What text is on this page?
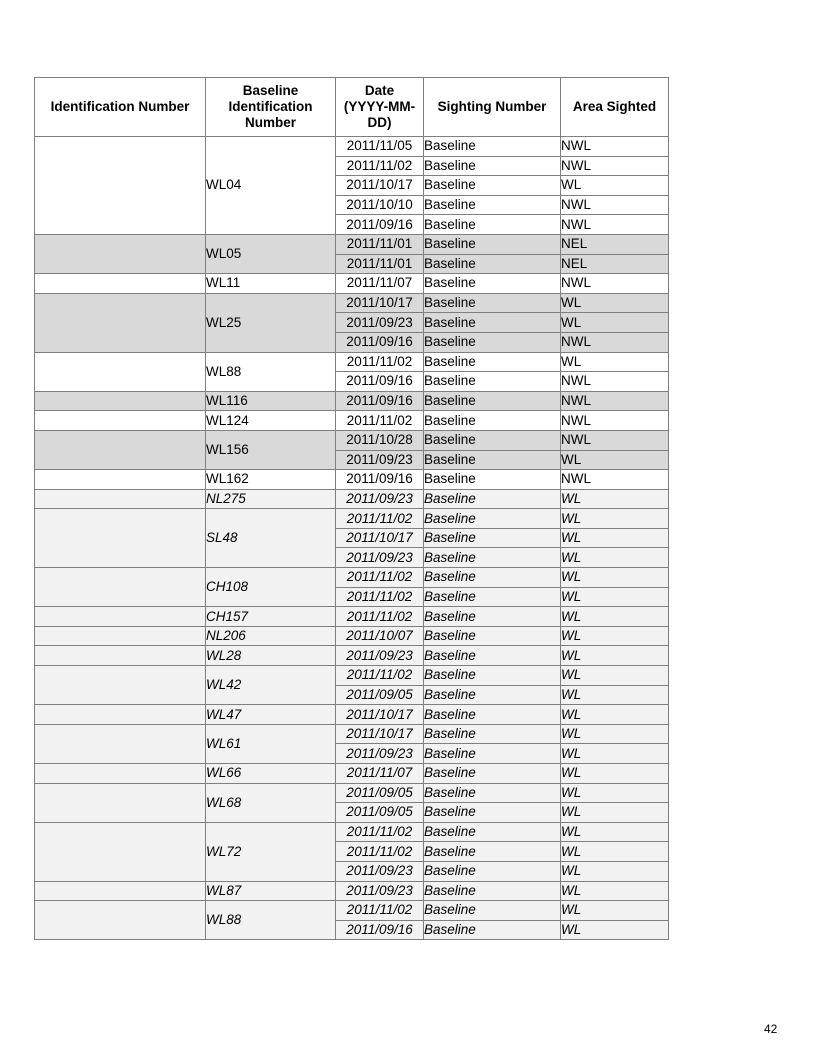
Identification Number	Baseline Identification Number	Date (YYYY-MM-DD)	Sighting Number	Area Sighted
	WL04	2011/11/05	Baseline	NWL
		2011/11/02	Baseline	NWL
		2011/10/17	Baseline	WL
		2011/10/10	Baseline	NWL
		2011/09/16	Baseline	NWL
	WL05	2011/11/01	Baseline	NEL
		2011/11/01	Baseline	NEL
	WL11	2011/11/07	Baseline	NWL
	WL25	2011/10/17	Baseline	WL
		2011/09/23	Baseline	WL
		2011/09/16	Baseline	NWL
	WL88	2011/11/02	Baseline	WL
		2011/09/16	Baseline	NWL
	WL116	2011/09/16	Baseline	NWL
	WL124	2011/11/02	Baseline	NWL
	WL156	2011/10/28	Baseline	NWL
		2011/09/23	Baseline	WL
	WL162	2011/09/16	Baseline	NWL
	NL275	2011/09/23	Baseline	WL
	SL48	2011/11/02	Baseline	WL
		2011/10/17	Baseline	WL
		2011/09/23	Baseline	WL
	CH108	2011/11/02	Baseline	WL
		2011/11/02	Baseline	WL
	CH157	2011/11/02	Baseline	WL
	NL206	2011/10/07	Baseline	WL
	WL28	2011/09/23	Baseline	WL
	WL42	2011/11/02	Baseline	WL
		2011/09/05	Baseline	WL
	WL47	2011/10/17	Baseline	WL
	WL61	2011/10/17	Baseline	WL
		2011/09/23	Baseline	WL
	WL66	2011/11/07	Baseline	WL
	WL68	2011/09/05	Baseline	WL
		2011/09/05	Baseline	WL
	WL72	2011/11/02	Baseline	WL
		2011/11/02	Baseline	WL
		2011/09/23	Baseline	WL
	WL87	2011/09/23	Baseline	WL
	WL88	2011/11/02	Baseline	WL
		2011/09/16	Baseline	WL
42
